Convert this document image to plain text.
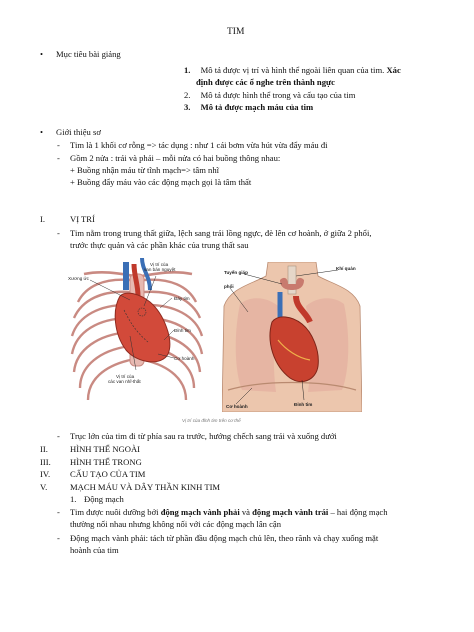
TIM
• Mục tiêu bài giảng
1. Mô tả được vị trí và hình thể ngoài liên quan của tim. Xác
định được các ổ nghe trên thành ngực
2. Mô tả được hình thể trong và cấu tạo của tim
3. Mô tả được mạch máu của tim
• Giới thiệu sơ
- Tim là 1 khối cơ rỗng => tác dụng : như 1 cái bơm vừa hút vừa đẩy máu đi
- Gồm 2 nửa : trái và phải – mỗi nửa có hai buồng thông nhau:
+ Buồng nhận máu từ tĩnh mạch=> tâm nhĩ
+ Buồng đẩy máu vào các động mạch gọi là tâm thất
I.	VỊ TRÍ
- Tim nằm trong trung thất giữa, lệch sang trái lồng ngực, đè lên cơ hoành, ở giữa 2 phổi,
trước thực quản và các phần khác của trung thất sau
Xương ức
Vị trí của
van bán nguyệt
Đáy tim
Đỉnh tim
Cơ hoành
Vị trí của
các van nhĩ-thất
Tuyến giáp
Khí quản
phổi
Cơ hoành	Đỉnh tim
Vị trí của đỉnh tim trên cơ thể
- Trục lớn của tim đi từ phía sau ra trước, hướng chếch sang trái và xuống dưới
II.	HÌNH THỂ NGOÀI
III. HÌNH THỂ TRONG
IV. CẤU TẠO CỦA TIM
V.	MẠCH MÁU VÀ DÂY THẦN KINH TIM
1. Động mạch
- Tim được nuôi dưỡng bởi động mạch vành phải và động mạch vành trái – hai động mạch
thường nối nhau nhưng không nối với các động mạch lân cận
- Động mạch vành phải: tách từ phần đầu động mạch chủ lên, theo rãnh và chạy xuống mặt
hoành của tim
